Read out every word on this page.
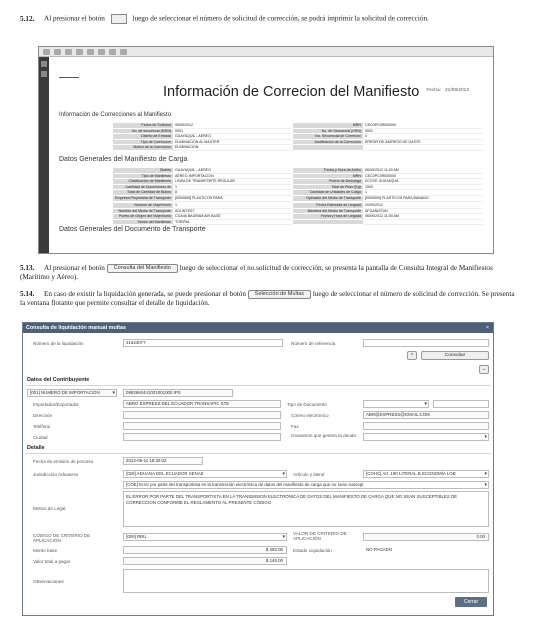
5.12. Al presionar el botón	luego de seleccionar el número de solicitud de corrección, se podrá imprimir la solicitud de corrección.
Información de Correcion del Manifiesto Fecha: 21/09/2012
Información de Correcciones al Manifiesto
Fecha de Solicitud	06/09/2012	MRN	CEC0PC4R000000
No. de secuencia (MSN)	0001	No. de Secuencia (HSN)	0001
Distrito de Entrada	GUAYAQUIL - AEREO	No. Secuencial de Correcion	4
Tipo de Correccion	ELIMINACION AL MASTER	Justificación de la Correccion	ERROR DE INGRESO DE DATOS
Motivo de la Correccion	ELIMINACION
Datos Generales del Manifiesto de Carga
Distrito	GUAYAQUIL - AEREO	Fecha y Hora de Arribo	06/09/2012 11:00 AM
Tipo de Manifiesto	AEREO IMPORTACION	MRN	CEC0PC4R000000
Clasificación de Manifiesto	LINEA DE TRANSPORTE REGULAR	Puerto de Descarga	ECGYE GUAYAQUIL
Cantidad de Documentos de	1	Total de Peso (Kg)	1000
Total de Cantidad de Bultos	8	Cantidad de Unidades de Carga	1
Empresa Propietaria de Transporte	[0000505] PLASTICOS PARA	Operador del Medio de Transporte	[0000505] PLASTICOS PARA BANANO
Número de Viaje/Vuelo	1	Fecha Estimada de Llegada	20/09/2012
Nombre del Medio de Transporte	AGUNTEST	Bandera del Medio de Transporte	AFGANISTAN
Puerto de Origen del Viaje/Vuelo	CGA46 BAGRAM AIR BASE	Fecha y Hora de Llegada	06/09/2012 11:00 AM
Sector del Manifiesto	TORIPAL
Datos Generales del Documento de Transporte
5.13. Al presionar el botón Consulta del Manifiesto luego de seleccionar el no.solicitud de corrección, se presenta la pantalla de Consulta Integral de Manifiestos (Marítimo y Aéreo).
5.14. En caso de existir la liquidación generada, se puede presionar el botón Selección de Multas luego de seleccionar el número de solicitud de corrección. Se presenta la ventana flotante que permite consultar el detalle de liquidación.
Consulta de liquidación manual multas	×
Número de la liquidación	31624077	Número de referencia
?	Consultar
⌄
Datos del Contribuyente
[001] NUMERO DE IMPORTACION ▾	0992660441001001000.IPS
Importador/Exportador	ABRO EXPRESS DEL ECUADOR TRANSAPIC STE	Tipo de Documento
▾
Dirección	Correo electrónico	ABR@EXPRESS@GMAIL.COM
Teléfono	Fax
Ciudad	Gravamen que genera la deuda
▾
Detalle
Fecha de emisión de proceso	2012-09-11 18:30:02
Jurisdicción Aduanera	[028] ADUANA DEL ECUADOR SENAE ▾	Artículo y literal	[COHC] Art. 190 LITERAL B ECONOMÍA LOB ▾
Motivo de Legal
[COE] Error por parte del transportista en la transmisión electrónica de datos del manifiesto de carga que no sean suscept ▾
EL ERROR POR PARTE DEL TRANSPORTISTA EN LA TRANSMISION ELECTRÓNICA DE DATOS DEL MANIFIESTO DE CARGA QUE NO SEAN SUSCEPTIBLES DE CORRECCION CONFORME EL REGLAMENTO AL PRESENTE CÓDIGO
CÓDIGO DE CRITERIO DE APLICACIÓN
[009] RBU ▾
VALOR DE CRITERIO DE APLICACIÓN	0.00
Monto base	$ 292.00	Estado Liquidación	NO PAGADO
Valor total a pagar	$ 146.00
Observaciones
Cerrar
